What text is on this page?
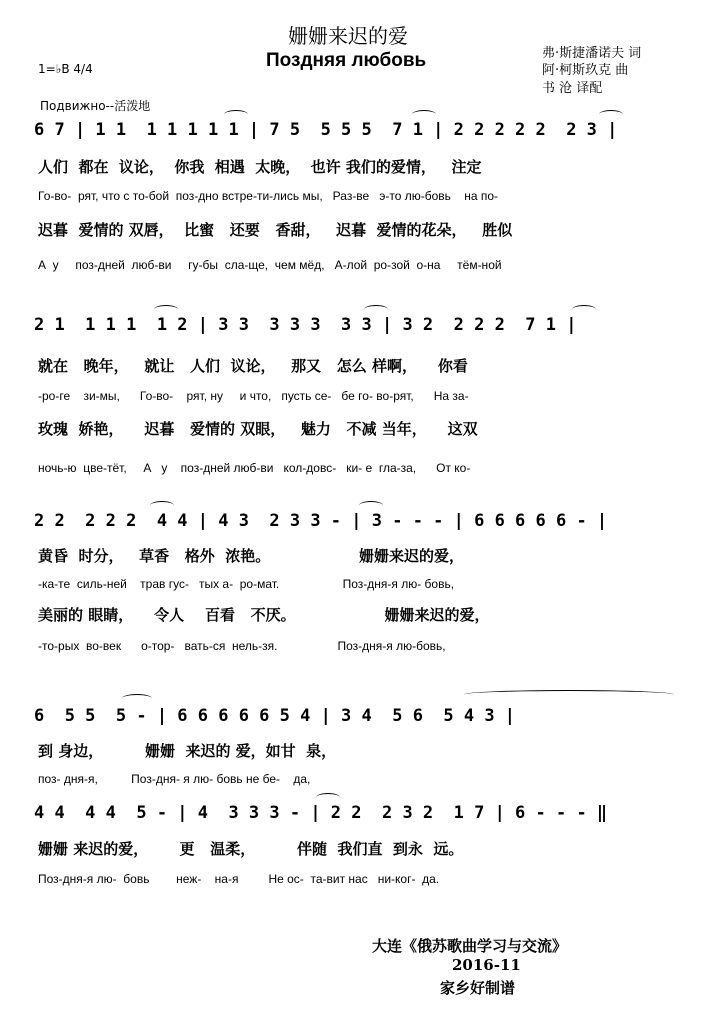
姗姗来迟的爱
Поздняя любовь	弗·斯捷潘诺夫 词
阿·柯斯玖克 曲
书 沧 译配
1=♭B 4/4
Подвижно--活泼地
6 7 | 1 1  1 1 1 1 1 | 7 5  5 5 5  7 1 | 2 2 2 2 2  2 3 |
人们  都在  议论，  你我  相遇  太晚，  也许 我们的爱情，   注定
Го-во-  рят, что с то-бой  поз-дно встре-ти-лись мы,   Раз-ве   э-то лю-бовь    на по-
迟暮  爱情的 双唇，  比蜜   还要   香甜，   迟暮  爱情的花朵，   胜似
А  у     поз-дней  люб-ви     гу-бы  сла-ще,  чем мёд,   А-лой  ро-зой  о-на     тём-ной
2 1  1 1 1  1 2 | 3 3  3 3 3  3 3 | 3 2  2 2 2  7 1 |
就在   晚年，   就让   人们  议论，   那又   怎么 样啊，    你看
-ро-ге    зи-мы,      Го-во-    рят, ну     и что,   пусть се-   бе го- во-рят,      На за-
玫瑰  娇艳，    迟暮   爱情的 双眼，   魅力   不减 当年，    这双
ночь-ю  цве-тёт,     А   у    поз-дней люб-ви   кол-довс-   ки- е  гла-за,      От ко-
2 2  2 2 2  4 4 | 4 3  2 3 3 - | 3 - - - | 6 6 6 6 6 - |
黄昏  时分，   草香   格外  浓艳。                 姗姗来迟的爱，
-ка-те  силь-ней    трав гус-   тых а-  ро-мат.                   Поз-дня-я лю- бовь,
美丽的 眼睛，    令人    百看   不厌。                 姗姗来迟的爱，
-то-рых  во-век      о-тор-   вать-ся  нель-зя.                  Поз-дня-я лю-бовь,
6  5 5  5 - | 6 6 6 6 6 5 4 | 3 4  5 6  5 4 3 |
到 身边，        姗姗  来迟的 爱，如甘  泉，
поз- дня-я,          Поз-дня- я лю- бовь не бе-    да,
4 4  4 4  5 - | 4  3 3 3 - | 2 2  2 3 2  1 7 | 6 - - - ‖
姗姗 来迟的爱，      更   温柔，        伴随  我们直  到永  远。
Поз-дня-я лю-  бовь        неж-    на-я         Не ос-  та-вит нас   ни-ког-  да.
大连《俄苏歌曲学习与交流》
2016-11
家乡好制谱
